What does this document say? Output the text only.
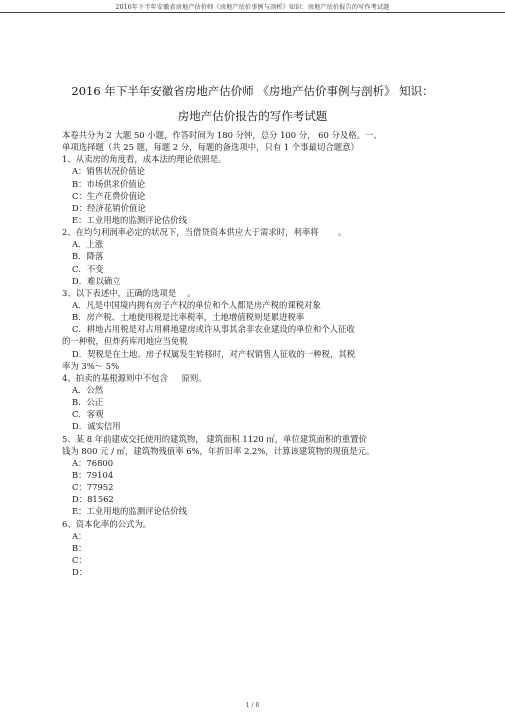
2016年下半年安徽省房地产估价师《房地产估价事例与剖析》知识：房地产估价报告的写作考试题
2016 年下半年安徽省房地产估价师 《房地产估价事例与剖析》 知识：
房地产估价报告的写作考试题
本卷共分为 2 大题 50 小题，作答时间为 180 分钟，总分 100 分， 60 分及格。一、
单项选择题（共 25 题，每题 2 分，每题的备选项中，只有 1 个事最切合题意）
1、从卖房的角度看，成本法的理论依照是。
A：销售状况价值论
B：市场供求价值论
C：生产花费价值论
D：经济花销价值论
E：工业用地的监测评论估价线
2、在均匀利润率必定的状况下，当借贷资本供应大于需求时，利率将 　　。
A．上涨
B．降落
C．不变
D．难以确立
3、以下表述中，正确的选项是 　。
A．凡是中国境内拥有房子产权的单位和个人都是房产税的课税对象
B．房产税、土地使用税是比率税率，土地增值税则是累进税率
C．耕地占用税是对占用耕地建房或许从事其余非农业建设的单位和个人征收
的一种税，但炸药库用地应当免税
D．契税是在土地、房子权属发生转移时，对产权销售人征收的一种税，其税
率为 3%～ 5%
4、拍卖的基根源则中不包含 　 原则。
A．公然
B．公正
C．客观
D．诚实信用
5、某 8 年前建成交托使用的建筑物， 建筑面积 1120 ㎡，单位建筑面积的重置价
钱为 800 元 / ㎡，建筑物残值率 6%，年折旧率 2.2%，计算该建筑物的现值是元。
A：76800
B：79104
C：77952
D：81562
E：工业用地的监测评论估价线
6、资本化率的公式为。
A：
B：
C：
D：
1 / 8
